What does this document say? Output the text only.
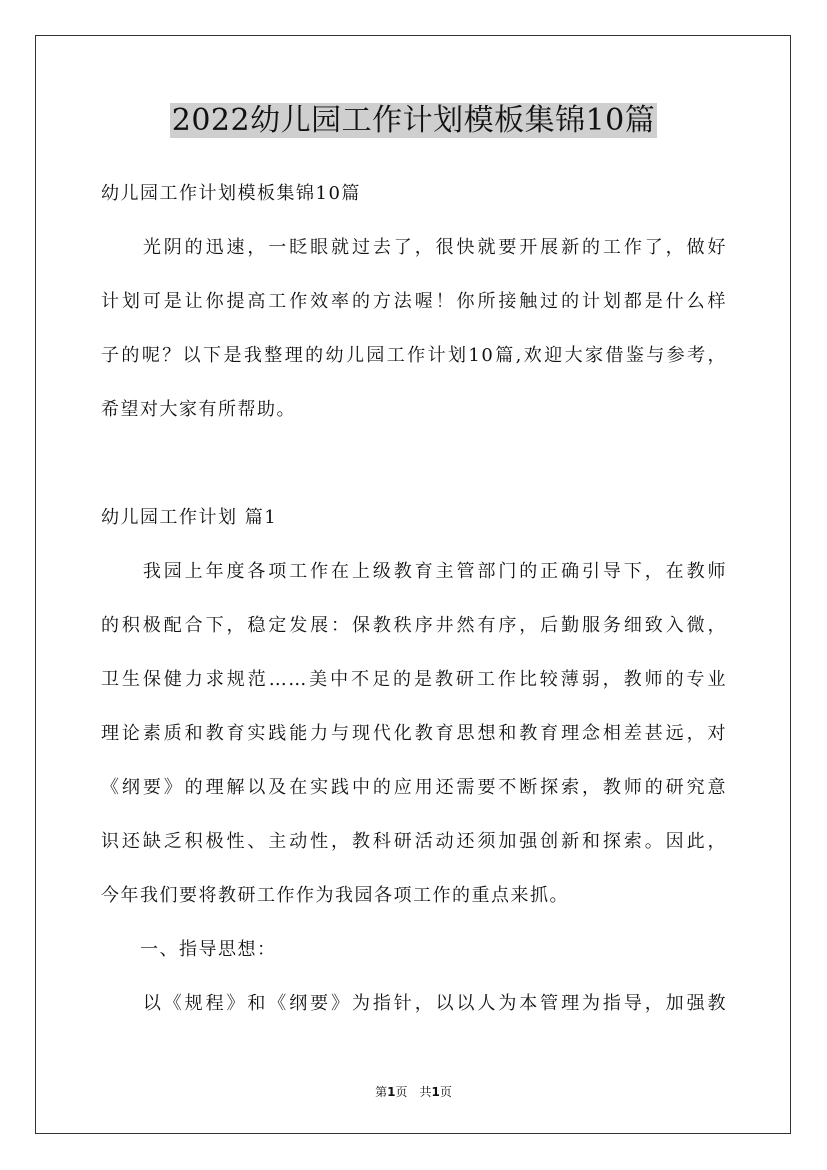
2022幼儿园工作计划模板集锦10篇

幼儿园工作计划模板集锦10篇

　　光阴的迅速，一眨眼就过去了，很快就要开展新的工作了，做好

计划可是让你提高工作效率的方法喔！你所接触过的计划都是什么样

子的呢？以下是我整理的幼儿园工作计划10篇,欢迎大家借鉴与参考，

希望对大家有所帮助。

幼儿园工作计划 篇1

　　我园上年度各项工作在上级教育主管部门的正确引导下，在教师

的积极配合下，稳定发展：保教秩序井然有序，后勤服务细致入微，

卫生保健力求规范……美中不足的是教研工作比较薄弱，教师的专业

理论素质和教育实践能力与现代化教育思想和教育理念相差甚远，对

《纲要》的理解以及在实践中的应用还需要不断探索，教师的研究意

识还缺乏积极性、主动性，教科研活动还须加强创新和探索。因此，

今年我们要将教研工作作为我园各项工作的重点来抓。

　　一、指导思想：

　　以《规程》和《纲要》为指针，以以人为本管理为指导，加强教

第1页　共1页
